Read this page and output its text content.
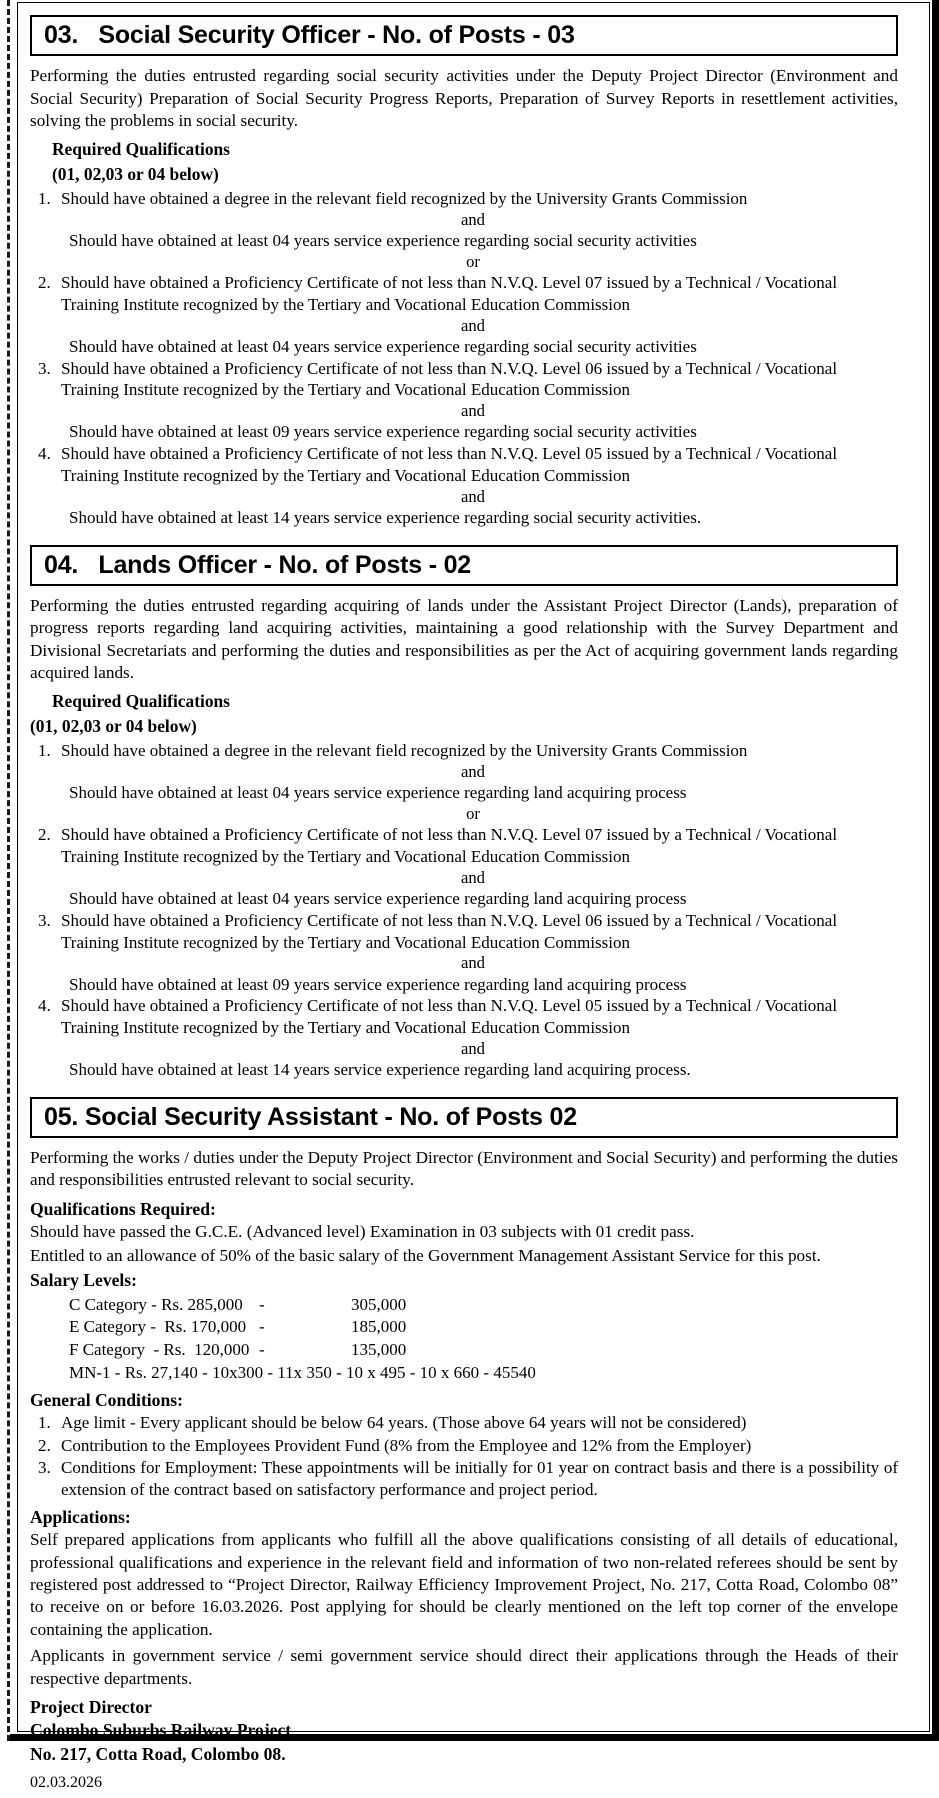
03.   Social Security Officer - No. of Posts - 03

Performing the duties entrusted regarding social security activities under the Deputy Project Director (Environment and Social Security) Preparation of Social Security Progress Reports, Preparation of Survey Reports in resettlement activities, solving the problems in social security.

Required Qualifications
(01, 02,03 or 04 below)
1. Should have obtained a degree in the relevant field recognized by the University Grants Commission
and
Should have obtained at least 04 years service experience regarding social security activities
or
2. Should have obtained a Proficiency Certificate of not less than N.V.Q. Level 07 issued by a Technical / Vocational Training Institute recognized by the Tertiary and Vocational Education Commission
and
Should have obtained at least 04 years service experience regarding social security activities
3. Should have obtained a Proficiency Certificate of not less than N.V.Q. Level 06 issued by a Technical / Vocational Training Institute recognized by the Tertiary and Vocational Education Commission
and
Should have obtained at least 09 years service experience regarding social security activities
4. Should have obtained a Proficiency Certificate of not less than N.V.Q. Level 05 issued by a Technical / Vocational Training Institute recognized by the Tertiary and Vocational Education Commission
and
Should have obtained at least 14 years service experience regarding social security activities.
04.   Lands Officer - No. of Posts - 02

Performing the duties entrusted regarding acquiring of lands under the Assistant Project Director (Lands), preparation of progress reports regarding land acquiring activities, maintaining a good relationship with the Survey Department and Divisional Secretariats and performing the duties and responsibilities as per the Act of acquiring government lands regarding acquired lands.

Required Qualifications
(01, 02,03 or 04 below)
1. Should have obtained a degree in the relevant field recognized by the University Grants Commission
and
Should have obtained at least 04 years service experience regarding land acquiring process
or
2. Should have obtained a Proficiency Certificate of not less than N.V.Q. Level 07 issued by a Technical / Vocational Training Institute recognized by the Tertiary and Vocational Education Commission
and
Should have obtained at least 04 years service experience regarding land acquiring process
3. Should have obtained a Proficiency Certificate of not less than N.V.Q. Level 06 issued by a Technical / Vocational Training Institute recognized by the Tertiary and Vocational Education Commission
and
Should have obtained at least 09 years service experience regarding land acquiring process
4. Should have obtained a Proficiency Certificate of not less than N.V.Q. Level 05 issued by a Technical / Vocational Training Institute recognized by the Tertiary and Vocational Education Commission
and
Should have obtained at least 14 years service experience regarding land acquiring process.
05. Social Security Assistant - No. of Posts 02

Performing the works / duties under the Deputy Project Director (Environment and Social Security) and performing the duties and responsibilities entrusted relevant to social security.

Qualifications Required:
Should have passed the G.C.E. (Advanced level) Examination in 03 subjects with 01 credit pass.
Entitled to an allowance of 50% of the basic salary of the Government Management Assistant Service for this post.
Salary Levels:
C Category - Rs. 285,000	-	305,000
E Category -  Rs. 170,000	-	185,000
F Category  - Rs.  120,000	-	135,000
MN-1 - Rs. 27,140 - 10x300 - 11x 350 - 10 x 495 - 10 x 660 - 45540
General Conditions:
1. Age limit - Every applicant should be below 64 years. (Those above 64 years will not be considered)
2. Contribution to the Employees Provident Fund (8% from the Employee and 12% from the Employer)
3. Conditions for Employment: These appointments will be initially for 01 year on contract basis and there is a possibility of extension of the contract based on satisfactory performance and project period.
Applications:

Self prepared applications from applicants who fulfill all the above qualifications consisting of all details of educational, professional qualifications and experience in the relevant field and information of two non-related referees should be sent by registered post addressed to “Project Director, Railway Efficiency Improvement Project, No. 217, Cotta Road, Colombo 08” to receive on or before 16.03.2026. Post applying for should be clearly mentioned on the left top corner of the envelope containing the application.

Applicants in government service / semi government service should direct their applications through the Heads of their respective departments.

Project Director
Colombo Suburbs Railway Project
No. 217, Cotta Road, Colombo 08.
02.03.2026
